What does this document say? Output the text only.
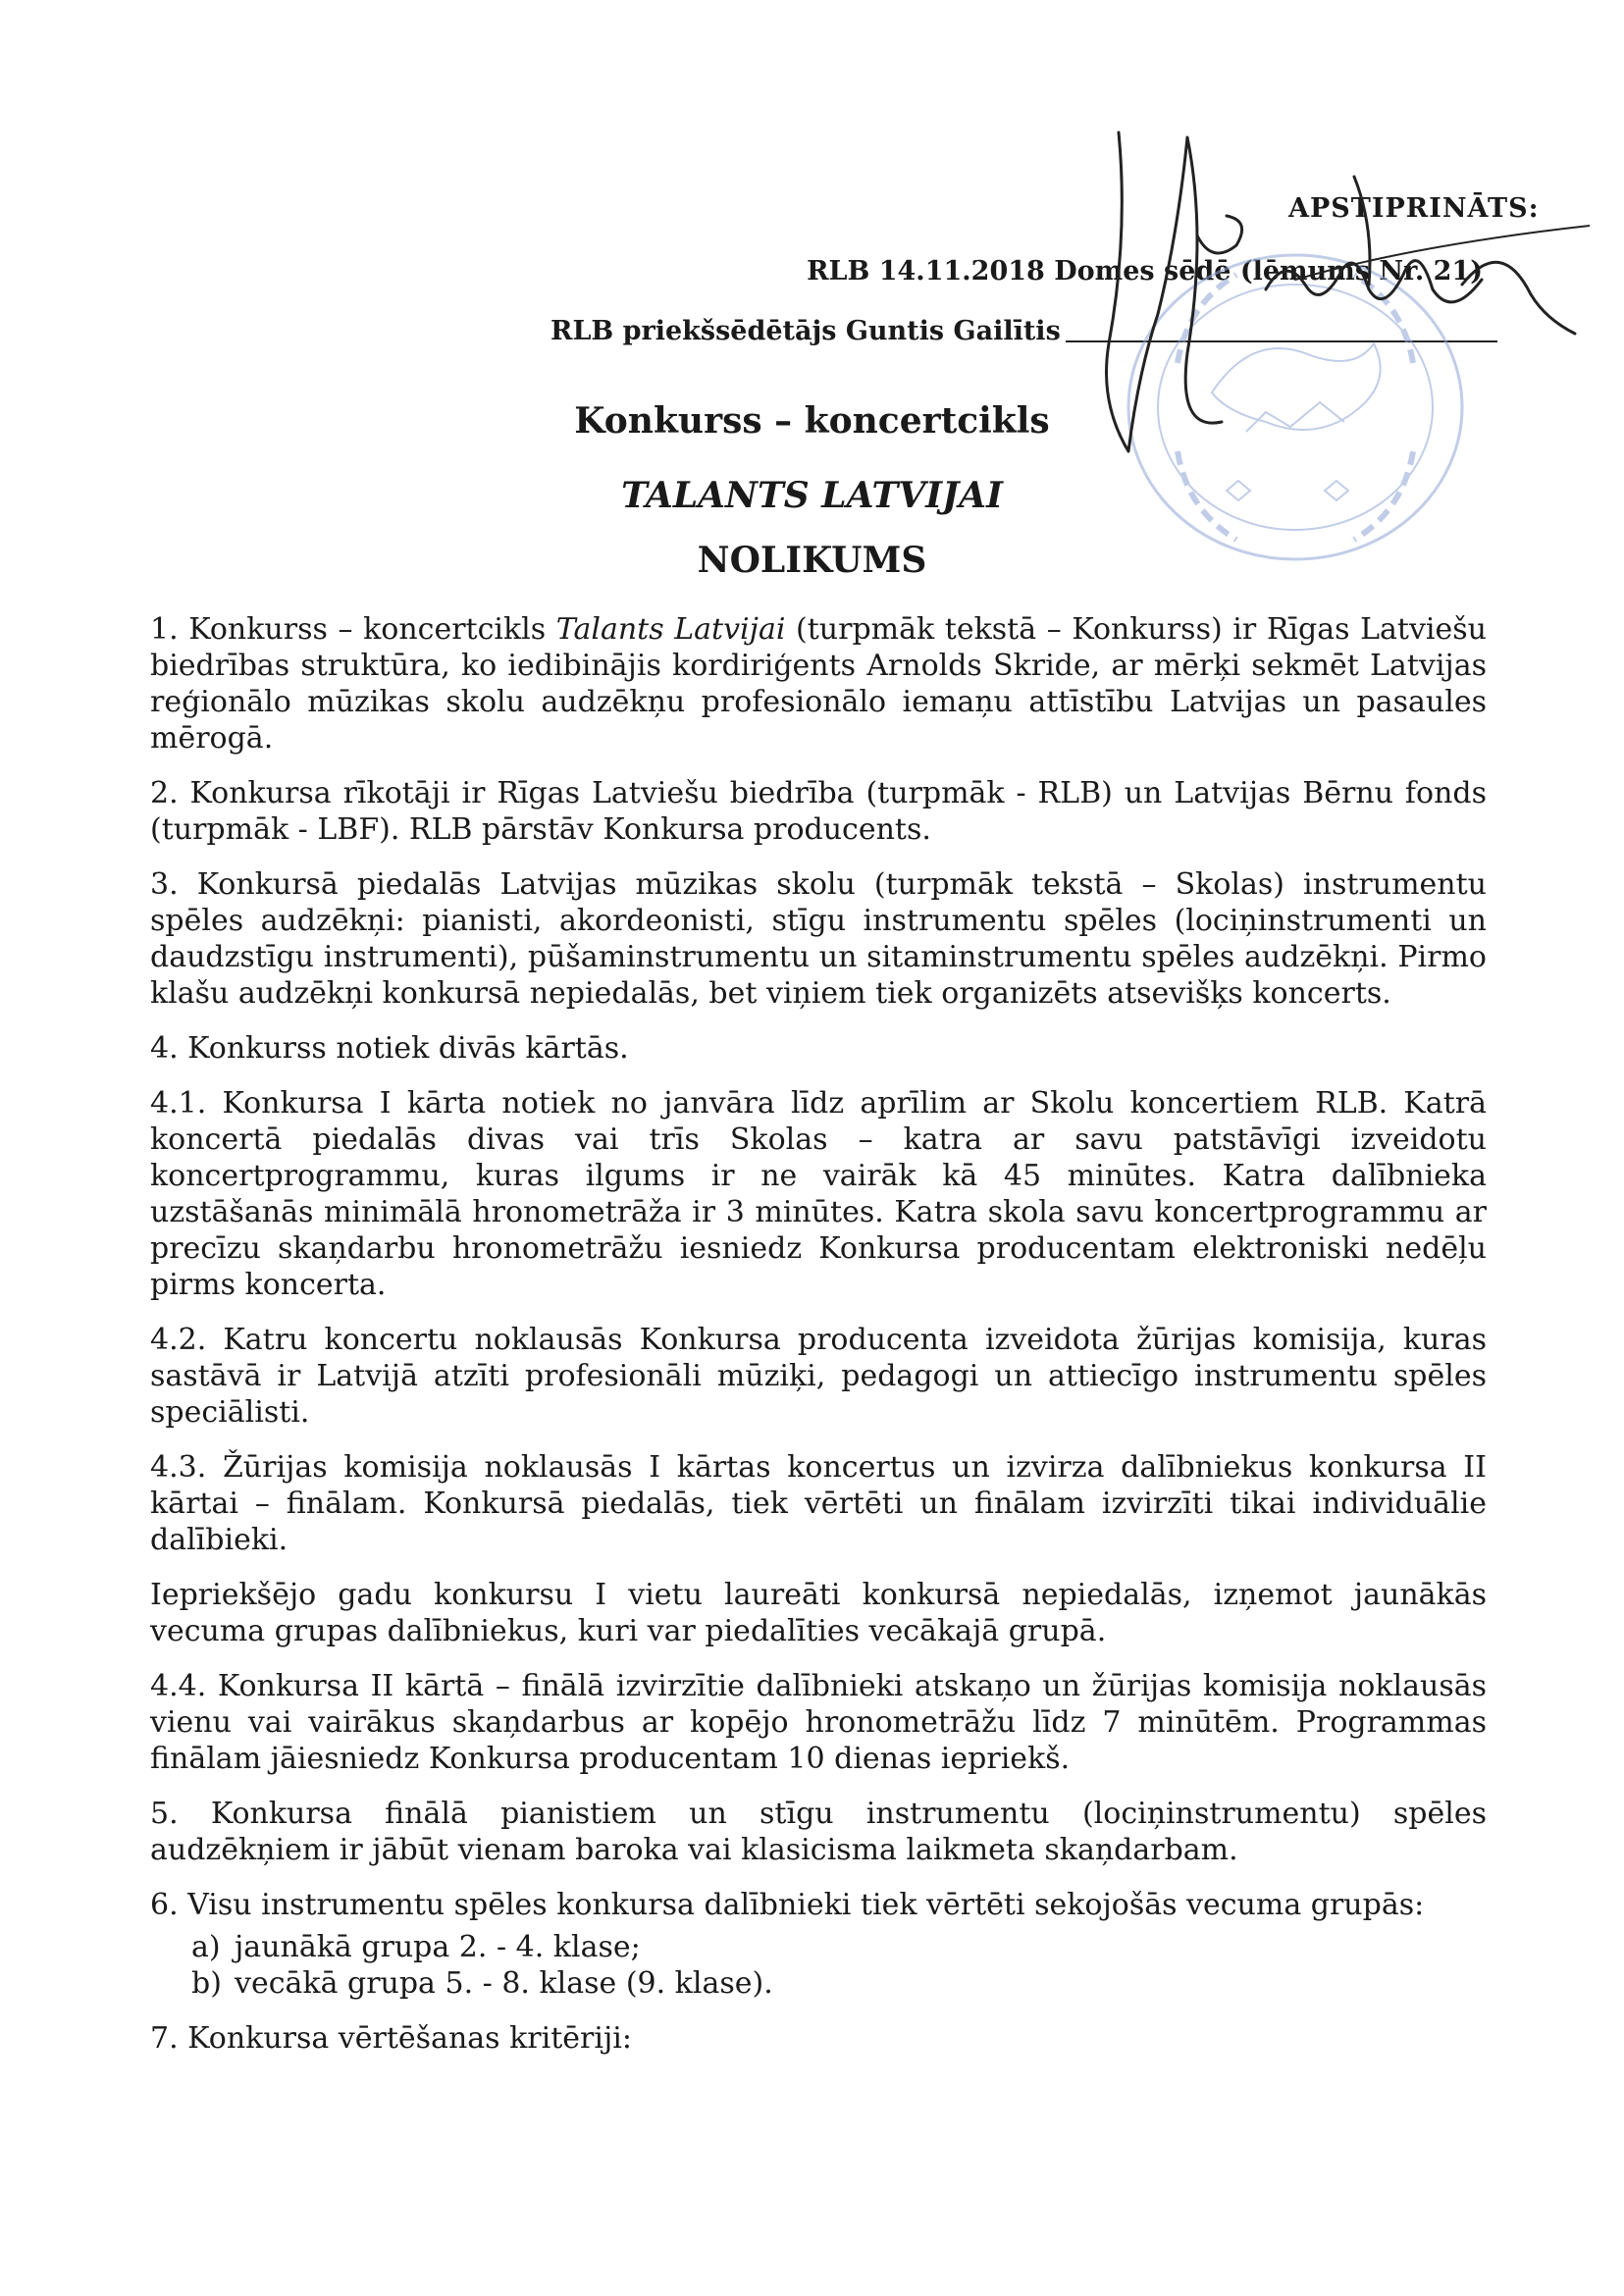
APSTIPRINĀTS:
RLB 14.11.2018 Domes sēdē (lēmums Nr. 21)
RLB priekšsēdētājs Guntis Gailītis
Konkurss – koncertcikls
TALANTS LATVIJAI
NOLIKUMS

1. Konkurss – koncertcikls Talants Latvijai (turpmāk tekstā – Konkurss) ir Rīgas Latviešu biedrības struktūra, ko iedibinājis kordiriģents Arnolds Skride, ar mērķi sekmēt Latvijas reģionālo mūzikas skolu audzēkņu profesionālo iemaņu attīstību Latvijas un pasaules mērogā.

2. Konkursa rīkotāji ir Rīgas Latviešu biedrība (turpmāk - RLB) un Latvijas Bērnu fonds (turpmāk - LBF). RLB pārstāv Konkursa producents.

3. Konkursā piedalās Latvijas mūzikas skolu (turpmāk tekstā – Skolas) instrumentu spēles audzēkņi: pianisti, akordeonisti, stīgu instrumentu spēles (lociņinstrumenti un daudzstīgu instrumenti), pūšaminstrumentu un sitaminstrumentu spēles audzēkņi. Pirmo klašu audzēkņi konkursā nepiedalās, bet viņiem tiek organizēts atsevišķs koncerts.

4. Konkurss notiek divās kārtās.

4.1. Konkursa I kārta notiek no janvāra līdz aprīlim ar Skolu koncertiem RLB. Katrā koncertā piedalās divas vai trīs Skolas – katra ar savu patstāvīgi izveidotu koncertprogrammu, kuras ilgums ir ne vairāk kā 45 minūtes. Katra dalībnieka uzstāšanās minimālā hronometrāža ir 3 minūtes. Katra skola savu koncertprogrammu ar precīzu skaņdarbu hronometrāžu iesniedz Konkursa producentam elektroniski nedēļu pirms koncerta.

4.2. Katru koncertu noklausās Konkursa producenta izveidota žūrijas komisija, kuras sastāvā ir Latvijā atzīti profesionāli mūziķi, pedagogi un attiecīgo instrumentu spēles speciālisti.

4.3. Žūrijas komisija noklausās I kārtas koncertus un izvirza dalībniekus konkursa II kārtai – finālam. Konkursā piedalās, tiek vērtēti un finālam izvirzīti tikai individuālie dalībieki.

Iepriekšējo gadu konkursu I vietu laureāti konkursā nepiedalās, izņemot jaunākās vecuma grupas dalībniekus, kuri var piedalīties vecākajā grupā.

4.4. Konkursa II kārtā – finālā izvirzītie dalībnieki atskaņo un žūrijas komisija noklausās vienu vai vairākus skaņdarbus ar kopējo hronometrāžu līdz 7 minūtēm. Programmas finālam jāiesniedz Konkursa producentam 10 dienas iepriekš.

5. Konkursa finālā pianistiem un stīgu instrumentu (lociņinstrumentu) spēles audzēkņiem ir jābūt vienam baroka vai klasicisma laikmeta skaņdarbam.

6. Visu instrumentu spēles konkursa dalībnieki tiek vērtēti sekojošās vecuma grupās:

a) jaunākā grupa 2. - 4. klase;
b) vecākā grupa 5. - 8. klase (9. klase).

7. Konkursa vērtēšanas kritēriji:
